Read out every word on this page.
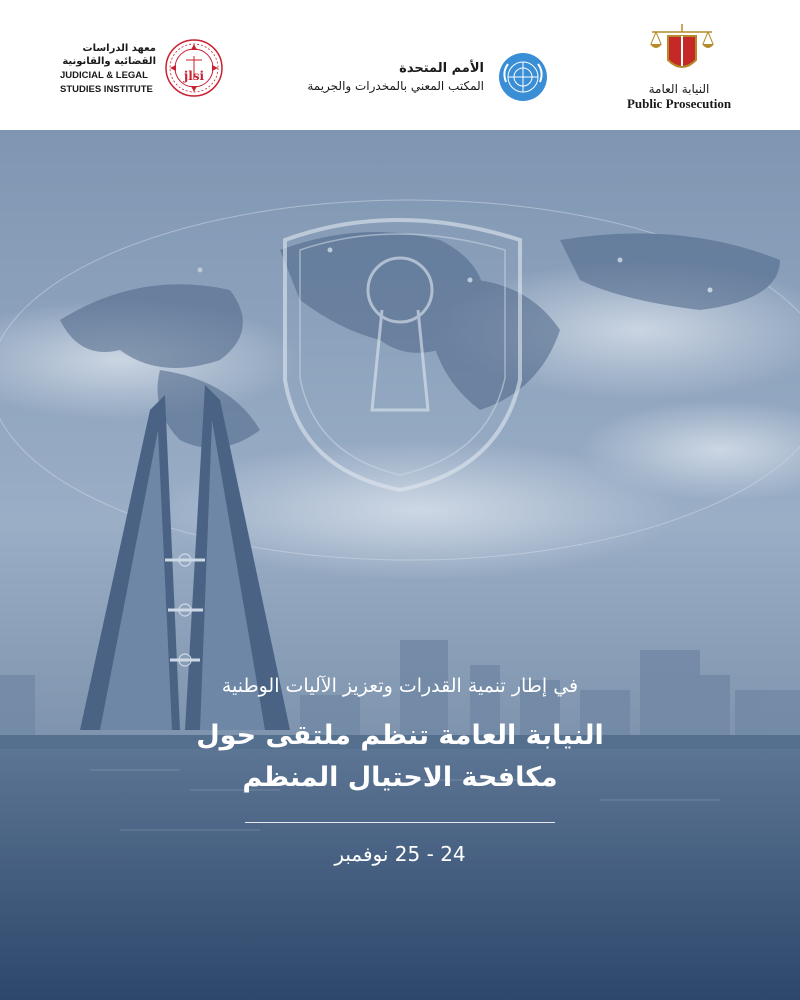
معهد الدراسات
القضائية والقانونية
JUDICIAL & LEGAL
STUDIES INSTITUTE
jlsi	الأمم المتحدة
المكتب المعني بالمخدرات والجريمة	النيابة العامة
Public Prosecution
في إطار تنمية القدرات وتعزيز الآليات الوطنية
النيابة العامة تنظم ملتقى حول
مكافحة الاحتيال المنظم
24 - 25 نوفمبر
